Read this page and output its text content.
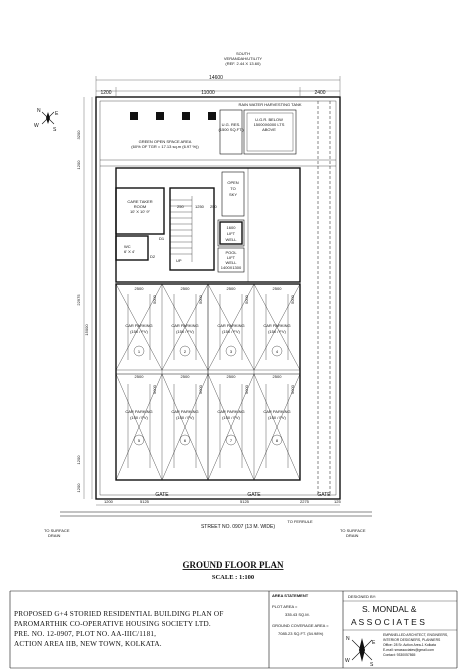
SOUTH
VERANDAH/UTILITY
(REF. 2.44 X 13.60)
14600
1200	11000	2400
3200
1200
22975
15000
1200
1200
N	E
W
S
RAIN WATER HARVESTING TANK
U.G.R. BELOW
15000X6000 LTS
ABOVE
U.G. RES.
(1500 SQ.FT.)
GREEN OPEN SPACE AREA
(60% OF TGR = 17.13 sq.m (6.97 %))
CARE TAKER
ROOM
10' X 10' 9"
D1
WC
6' X 4'
D2
UP
250	1250 250
1600
LIFT
WELL
POOL
LIFT
WELL
1400X1300
OPEN
TO
SKY
2500	2500	2500	2500
2500	2500	2500	2500
CAR PARKING
(150 / FV)
1
5000
CAR PARKING
(150 / FV)
2
5000
CAR PARKING
(150 / FV)
3
5000
CAR PARKING
(150 / FV)
4
5000
CAR PARKING
(150 / FV)
5
5000
CAR PARKING
(150 / FV)
6
5000
CAR PARKING
(150 / FV)
7
5000
CAR PARKING
(150 / FV)
8
5000
GATE	GATE	GATE
1200	5125	5125	2275	125
TO SURFACE
DRAIN
TO SURFACE
DRAIN
STREET NO. 0907 (13 M. WIDE)
TO FERRULE
GROUND FLOOR PLAN
SCALE : 1:100
AREA STATEMENT
PLOT AREA =
335.43 SQ.M.
GROUND COVERAGE AREA =
7085.23 SQ.FT. (54.98%)
DESIGNED BY:
S. MONDAL &
A S S O C I A T E S
EMPANELLED ARCHITECT, ENGINEERS,
INTERIOR DESIGNERS, PLANNERS
Office: 28 Sr. Action Area-1 Kolkata
E-mail: smassociates@gmail.com
Contact: 9330057865
N
E
W
S
PROPOSED G+4 STORIED RESIDENTIAL BUILDING PLAN OF
PAROMARTHIK CO-OPERATIVE HOUSING SOCIETY LTD.
PRE. NO. 12-0907, PLOT NO. AA-IIIC/1181,
ACTION AREA IIB, NEW TOWN, KOLKATA.
